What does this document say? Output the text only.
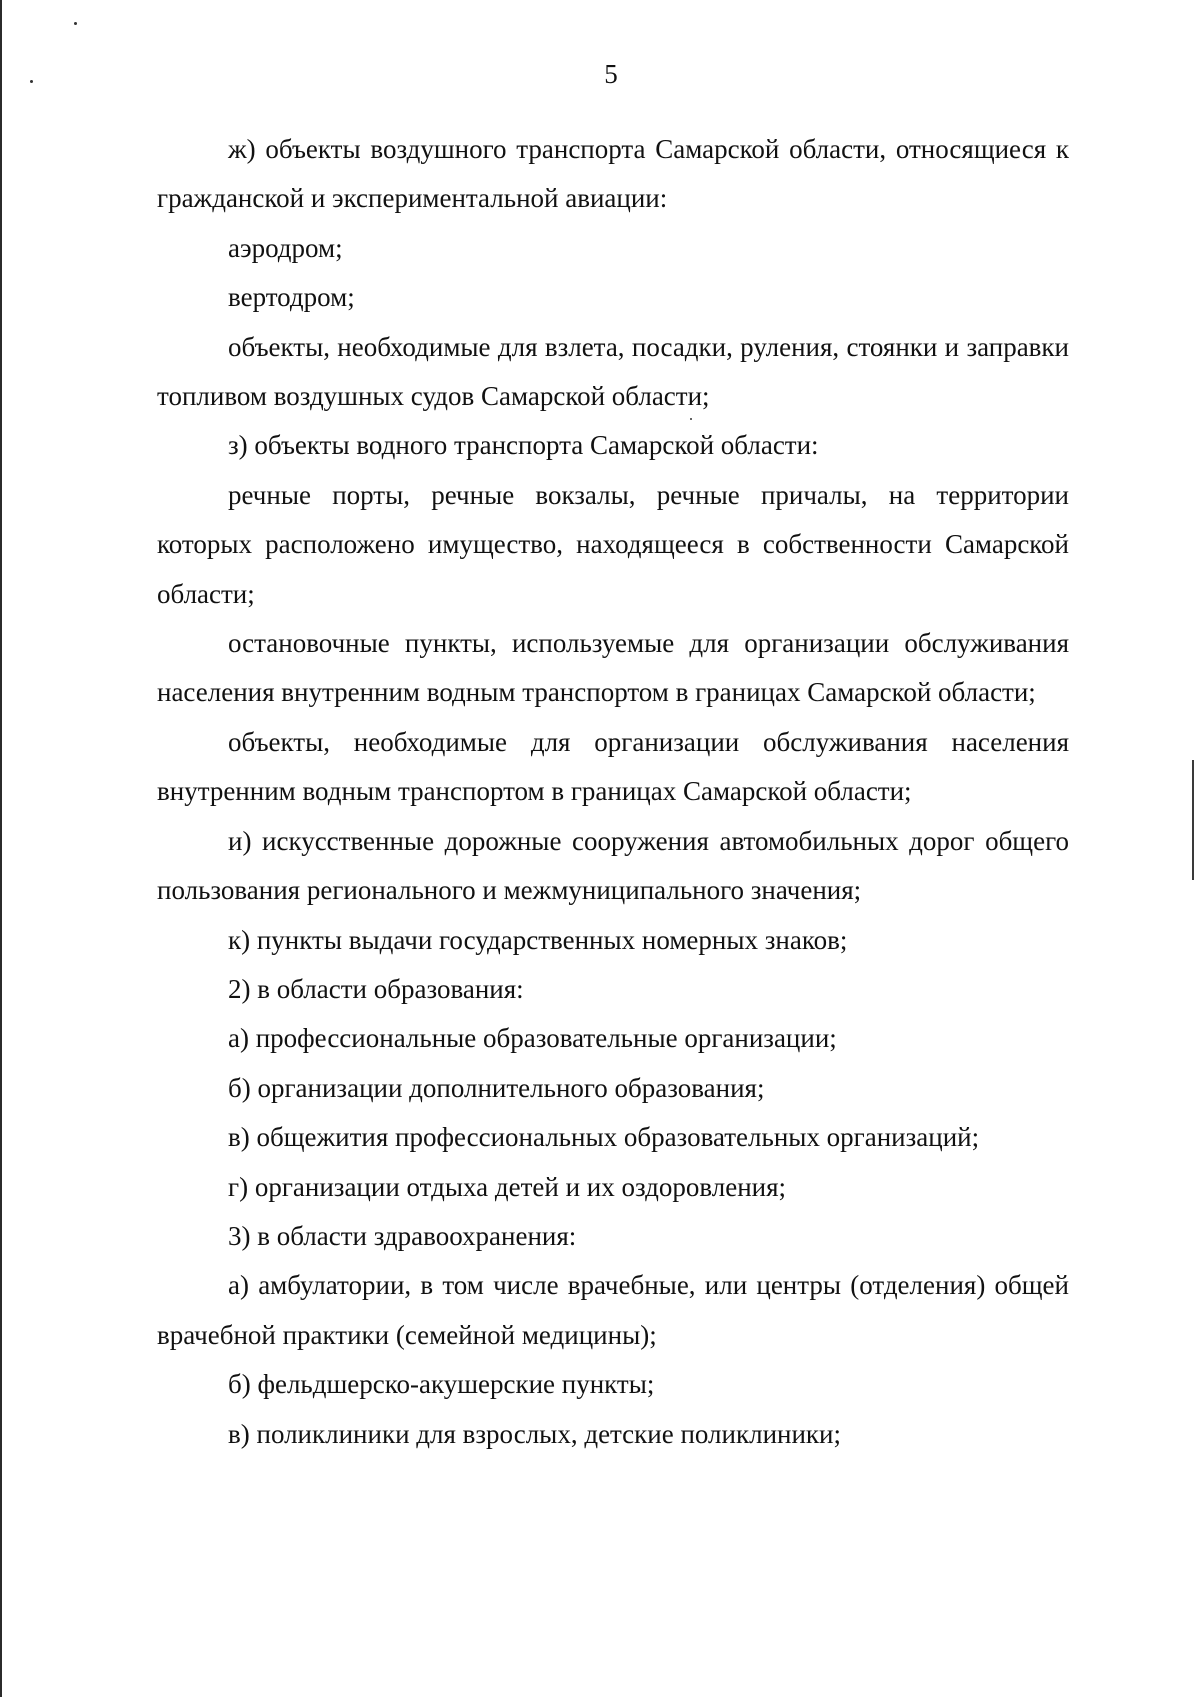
5

ж) объекты воздушного транспорта Самарской области, относящиеся к гражданской и экспериментальной авиации:

аэродром;

вертодром;

объекты, необходимые для взлета, посадки, руления, стоянки и заправки топливом воздушных судов Самарской области;

з) объекты водного транспорта Самарской области:

речные порты, речные вокзалы, речные причалы, на территории которых расположено имущество, находящееся в собственности Самарской области;

остановочные пункты, используемые для организации обслуживания населения внутренним водным транспортом в границах Самарской области;

объекты, необходимые для организации обслуживания населения внутренним водным транспортом в границах Самарской области;

и) искусственные дорожные сооружения автомобильных дорог общего пользования регионального и межмуниципального значения;

к) пункты выдачи государственных номерных знаков;

2) в области образования:

а) профессиональные образовательные организации;

б) организации дополнительного образования;

в) общежития профессиональных образовательных организаций;

г) организации отдыха детей и их оздоровления;

3) в области здравоохранения:

а) амбулатории, в том числе врачебные, или центры (отделения) общей врачебной практики (семейной медицины);

б) фельдшерско-акушерские пункты;

в) поликлиники для взрослых, детские поликлиники;
